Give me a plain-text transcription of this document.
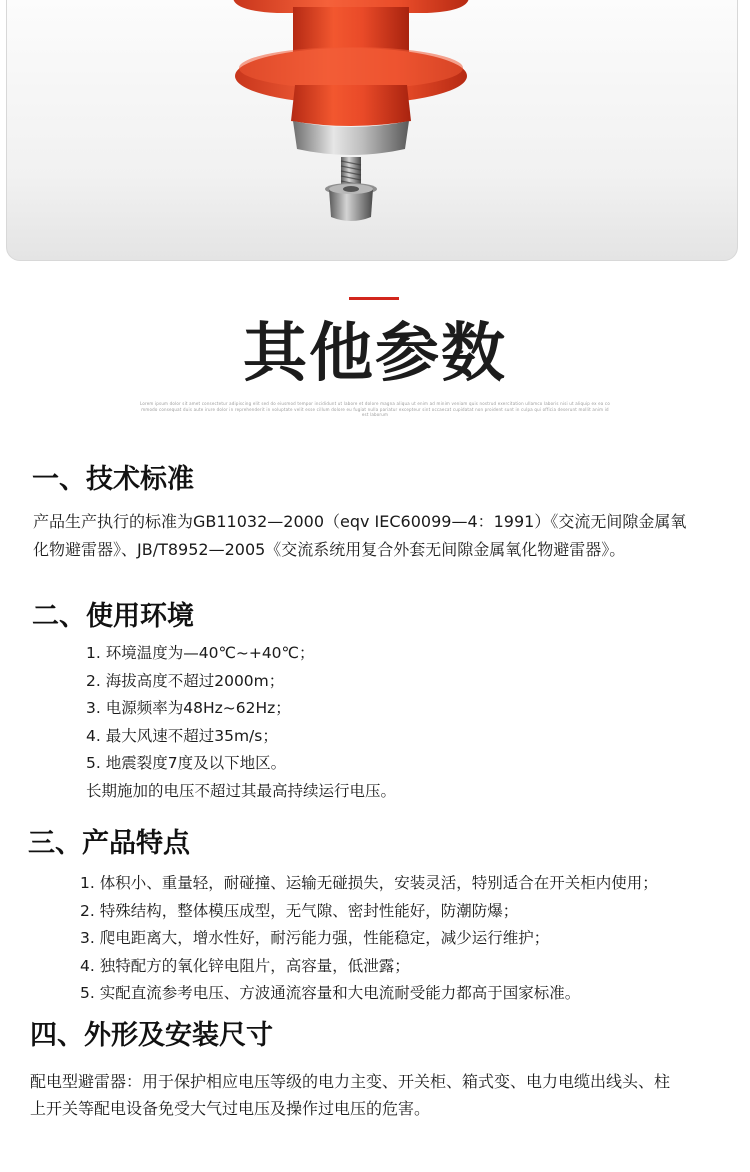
其他参数
Lorem ipsum dolor sit amet consectetur adipiscing elit sed do eiusmod tempor incididunt ut labore et dolore magna aliqua ut enim ad minim veniam quis nostrud exercitation ullamco laboris nisi ut aliquip ex ea commodo consequat duis aute irure dolor in reprehenderit in voluptate velit esse cillum dolore eu fugiat nulla pariatur excepteur sint occaecat cupidatat non proident sunt in culpa qui officia deserunt mollit anim id est laborum
一、技术标准

产品生产执行的标准为GB11032—2000（eqv IEC60099—4：1991）《交流无间隙金属氧

化物避雷器》、JB/T8952—2005《交流系统用复合外套无间隙金属氧化物避雷器》。

二、使用环境
1. 环境温度为—40℃~+40℃；
2. 海拔高度不超过2000m；
3. 电源频率为48Hz~62Hz；
4. 最大风速不超过35m/s；
5. 地震裂度7度及以下地区。
长期施加的电压不超过其最高持续运行电压。
三、产品特点
1. 体积小、重量轻，耐碰撞、运输无碰损失，安装灵活，特别适合在开关柜内使用；
2. 特殊结构，整体模压成型，无气隙、密封性能好，防潮防爆；
3. 爬电距离大，增水性好，耐污能力强，性能稳定，减少运行维护；
4. 独特配方的氧化锌电阻片，高容量，低泄露；
5. 实配直流参考电压、方波通流容量和大电流耐受能力都高于国家标准。
四、外形及安装尺寸

配电型避雷器：用于保护相应电压等级的电力主变、开关柜、箱式变、电力电缆出线头、柱

上开关等配电设备免受大气过电压及操作过电压的危害。
